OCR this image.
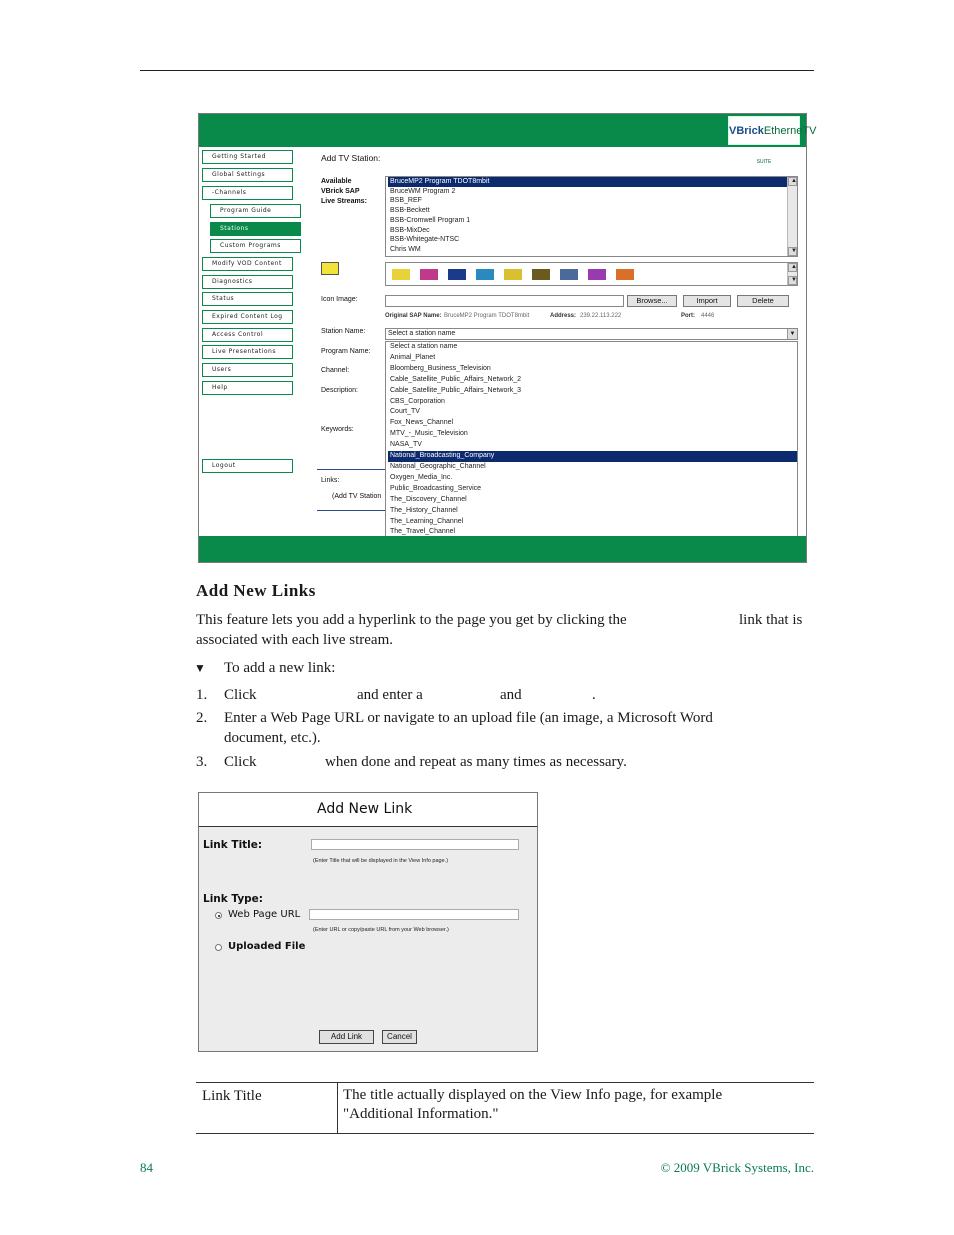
VBrickEtherneTV SUITE
Getting Started
Global Settings
-Channels
Program Guide
Stations
Custom Programs
Modify VOD Content
Diagnostics
Status
Expired Content Log
Access Control
Live Presentations
Users
Help
Logout
Add TV Station:
Available
VBrick SAP
Live Streams:
BruceMP2 Program TDOT8mbit
BruceWM Program 2
BSB_REF
BSB-Beckett
BSB-Cromwell Program 1
BSB-MixDec
BSB-Whitegate-NTSC
Chris WM
▲
▼
▲
▼
Icon Image:	Browse...	Import	Delete
Original SAP Name: BruceMP2 Program TDOT8mbit	Address: 239.22.113.222	Port: 4446
Station Name:	Select a station name	▼
Select a station name
Animal_Planet
Bloomberg_Business_Television
Cable_Satellite_Public_Affairs_Network_2
Cable_Satellite_Public_Affairs_Network_3
CBS_Corporation
Court_TV
Fox_News_Channel
MTV_-_Music_Television
NASA_TV
National_Broadcasting_Company
National_Geographic_Channel
Oxygen_Media_Inc.
Public_Broadcasting_Service
The_Discovery_Channel
The_History_Channel
The_Learning_Channel
The_Travel_Channel
Program Name:
Channel:
Description:
Keywords:
Links:
(Add TV Station
Add New Links
This feature lets you add a hyperlink to the page you get by clicking the	link that is
associated with each live stream.
▼ To add a new link:
1. Click	and enter a	and	.
2. Enter a Web Page URL or navigate to an upload file (an image, a Microsoft Word
document, etc.).
3. Click	when done and repeat as many times as necessary.
Add New Link
Link Title:
(Enter Title that will be displayed in the View Info page.)
Link Type:
Web Page URL
(Enter URL or copy/paste URL from your Web browser.)
Uploaded File
Add Link	Cancel
Link Title	The title actually displayed on the View Info page, for example
"Additional Information."
84	© 2009 VBrick Systems, Inc.
